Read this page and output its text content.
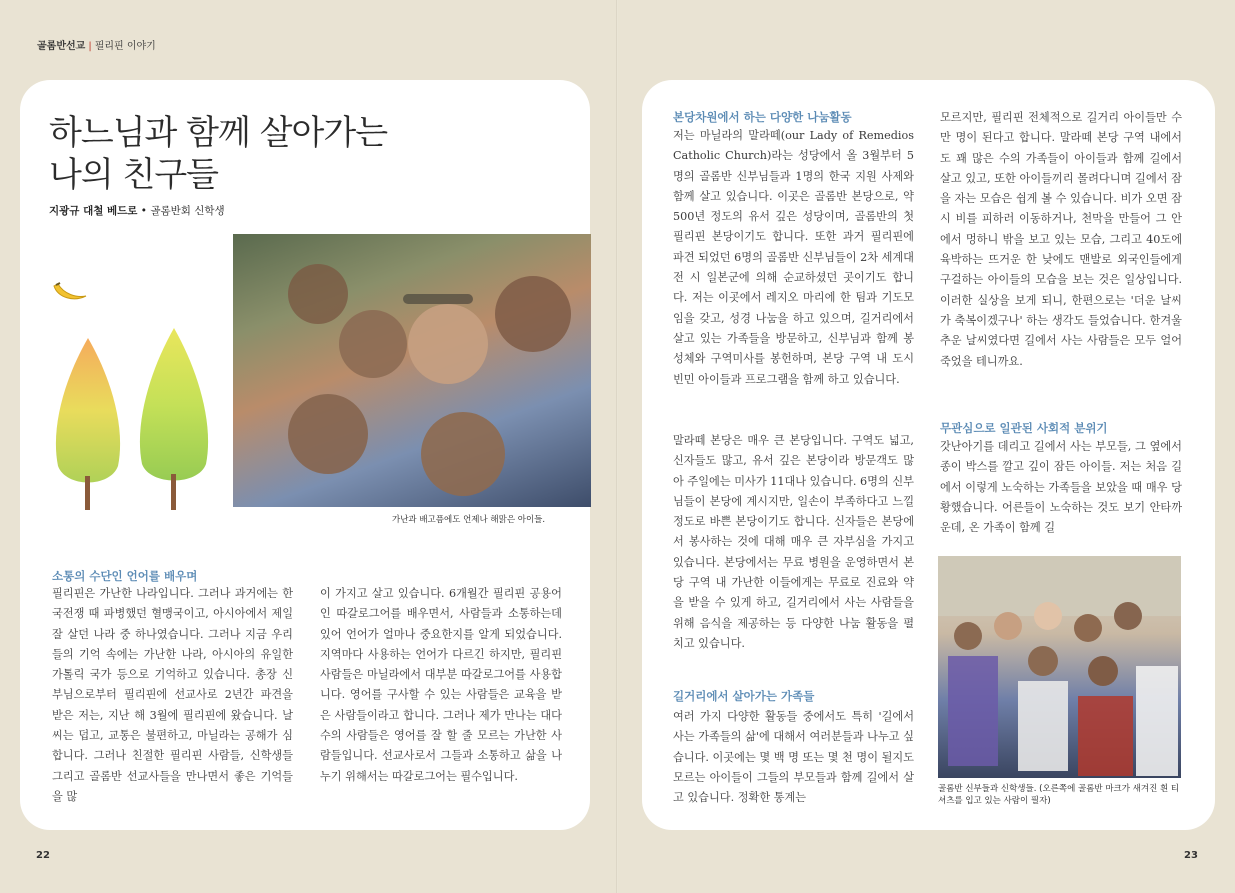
골롬반선교 | 필리핀 이야기
하느님과 함께 살아가는
나의 친구들
지광규 대철 베드로 • 골롬반회 신학생
가난과 배고픔에도 언제나 해맑은 아이들.
소통의 수단인 언어를 배우며

필리핀은 가난한 나라입니다. 그러나 과거에는 한국전쟁 때 파병했던 혈맹국이고, 아시아에서 제일 잘 살던 나라 중 하나였습니다. 그러나 지금 우리들의 기억 속에는 가난한 나라, 아시아의 유일한 가톨릭 국가 등으로 기억하고 있습니다. 총장 신부님으로부터 필리핀에 선교사로 2년간 파견을 받은 저는, 지난 해 3월에 필리핀에 왔습니다. 날씨는 덥고, 교통은 불편하고, 마닐라는 공해가 심합니다. 그러나 친절한 필리핀 사람들, 신학생들 그리고 골롬반 선교사들을 만나면서 좋은 기억들을 많

이 가지고 살고 있습니다. 6개월간 필리핀 공용어인 따갈로그어를 배우면서, 사람들과 소통하는데 있어 언어가 얼마나 중요한지를 알게 되었습니다. 지역마다 사용하는 언어가 다르긴 하지만, 필리핀 사람들은 마닐라에서 대부분 따갈로그어를 사용합니다. 영어를 구사할 수 있는 사람들은 교육을 받은 사람들이라고 합니다. 그러나 제가 만나는 대다수의 사람들은 영어를 잘 할 줄 모르는 가난한 사람들입니다. 선교사로서 그들과 소통하고 삶을 나누기 위해서는 따갈로그어는 필수입니다.

22
본당차원에서 하는 다양한 나눔활동

저는 마닐라의 말라떼(our Lady of Remedios Catholic Church)라는 성당에서 올 3월부터 5명의 골롬반 신부님들과 1명의 한국 지원 사제와 함께 살고 있습니다. 이곳은 골롬반 본당으로, 약 500년 정도의 유서 깊은 성당이며, 골롬반의 첫 필리핀 본당이기도 합니다. 또한 과거 필리핀에 파견 되었던 6명의 골롬반 신부님들이 2차 세계대전 시 일본군에 의해 순교하셨던 곳이기도 합니다. 저는 이곳에서 레지오 마리에 한 팀과 기도모임을 갖고, 성경 나눔을 하고 있으며, 길거리에서 살고 있는 가족들을 방문하고, 신부님과 함께 봉성체와 구역미사를 봉헌하며, 본당 구역 내 도시 빈민 아이들과 프로그램을 함께 하고 있습니다.

말라떼 본당은 매우 큰 본당입니다. 구역도 넓고, 신자들도 많고, 유서 깊은 본당이라 방문객도 많아 주일에는 미사가 11대나 있습니다. 6명의 신부님들이 본당에 계시지만, 일손이 부족하다고 느낄 정도로 바쁜 본당이기도 합니다. 신자들은 본당에서 봉사하는 것에 대해 매우 큰 자부심을 가지고 있습니다. 본당에서는 무료 병원을 운영하면서 본당 구역 내 가난한 이들에게는 무료로 진료와 약을 받을 수 있게 하고, 길거리에서 사는 사람들을 위해 음식을 제공하는 등 다양한 나눔 활동을 펼치고 있습니다.

길거리에서 살아가는 가족들

여러 가지 다양한 활동들 중에서도 특히 '길에서 사는 가족들의 삶'에 대해서 여러분들과 나누고 싶습니다. 이곳에는 몇 백 명 또는 몇 천 명이 될지도 모르는 아이들이 그들의 부모들과 함께 길에서 살고 있습니다. 정확한 통계는

모르지만, 필리핀 전체적으로 길거리 아이들만 수만 명이 된다고 합니다. 말라떼 본당 구역 내에서도 꽤 많은 수의 가족들이 아이들과 함께 길에서 살고 있고, 또한 아이들끼리 몰려다니며 길에서 잠을 자는 모습은 쉽게 볼 수 있습니다. 비가 오면 잠시 비를 피하러 이동하거나, 천막을 만들어 그 안에서 멍하니 밖을 보고 있는 모습, 그리고 40도에 육박하는 뜨거운 한 낮에도 맨발로 외국인들에게 구걸하는 아이들의 모습을 보는 것은 일상입니다. 이러한 실상을 보게 되니, 한편으로는 '더운 날씨가 축복이겠구나' 하는 생각도 들었습니다. 한겨울 추운 날씨였다면 길에서 사는 사람들은 모두 얼어 죽었을 테니까요.

무관심으로 일관된 사회적 분위기

갓난아기를 데리고 길에서 사는 부모들, 그 옆에서 종이 박스를 깔고 깊이 잠든 아이들. 저는 처음 길에서 이렇게 노숙하는 가족들을 보았을 때 매우 당황했습니다. 어른들이 노숙하는 것도 보기 안타까운데, 온 가족이 함께 길

골롬반 신부들과 신학생들. (오른쪽에 골롬반 마크가 새겨진 흰 티셔츠를 입고 있는 사람이 필자)
23
